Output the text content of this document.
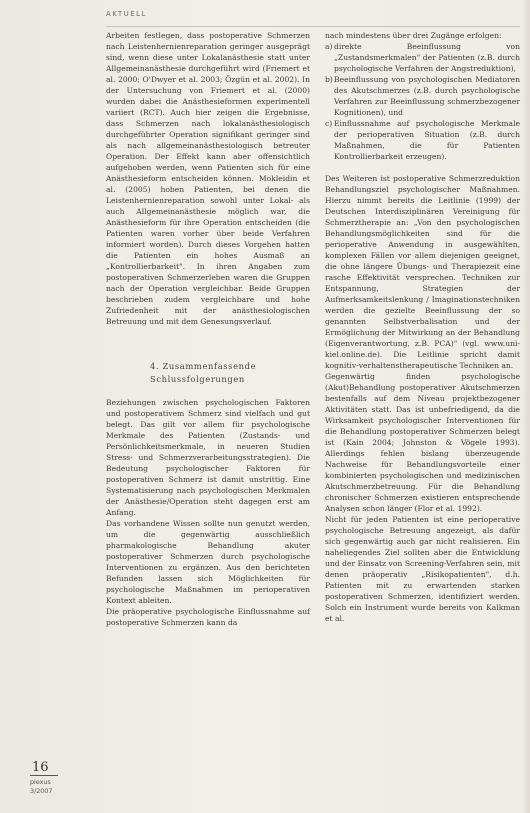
AKTUELL

Arbeiten festlegen, dass postoperative Schmerzen nach Leistenhernienreparation geringer ausgeprägt sind, wenn diese unter Lokalanästhesie statt unter Allgemeinanästhesie durchgeführt wird (Friemert et al. 2000; O'Dwyer et al. 2003; Özgün et al. 2002). In der Untersuchung von Friemert et al. (2000) wurden dabei die Anästhesieformen experimentell variiert (RCT). Auch hier zeigen die Ergebnisse, dass Schmerzen nach lokalanästhesiologisch durchgeführter Operation signifikant geringer sind als nach allgemeinanästhesiologisch betreuter Operation. Der Effekt kann aber offensichtlich aufgehoben werden, wenn Patienten sich für eine Anästhesieform entscheiden können. Mokleidin et al. (2005) hoben Patienten, bei denen die Leistenhernienreparation sowohl unter Lokal- als auch Allgemeinanästhesie möglich war, die Anästhesieform für ihre Operation entscheiden (die Patienten waren vorher über beide Verfahren informiert worden). Durch dieses Vorgehen hatten die Patienten ein hohes Ausmaß an „Kontrollierbarkeit". In ihren Angaben zum postoperativen Schmerzerleben waren die Gruppen nach der Operation vergleichbar. Beide Gruppen beschrieben zudem vergleichbare und hohe Zufriedenheit mit der anästhesiologischen Betreuung und mit dem Genesungsverlauf.

4. Zusammenfassende
Schlussfolgerungen

Beziehungen zwischen psychologischen Faktoren und postoperativem Schmerz sind vielfach und gut belegt. Das gilt vor allem für psychologische Merkmale des Patienten (Zustands- und Persönlichkeitsmerkmale, in neueren Studien Stress- und Schmerzverarbeitungsstrategien). Die Bedeutung psychologischer Faktoren für postoperativen Schmerz ist damit unstrittig. Eine Systematisierung nach psychologischen Merkmalen der Anästhesie/Operation steht dagegen erst am Anfang.

Das vorhandene Wissen sollte nun genutzt werden, um die gegenwärtig ausschließlich pharmakologische Behandlung akuter postoperativer Schmerzen durch psychologische Interventionen zu ergänzen. Aus den berichteten Befunden lassen sich Möglichkeiten für psychologische Maßnahmen im perioperativen Kontext ableiten.

Die präoperative psychologische Einflussnahme auf postoperative Schmerzen kann da

nach mindestens über drei Zugänge erfolgen:

a) direkte Beeinflussung von „Zustandsmerkmalen" der Patienten (z.B. durch psychologische Verfahren der Angstreduktion),
b) Beeinflussung von psychologischen Mediatoren des Akutschmerzes (z.B. durch psychologische Verfahren zur Beeinflussung schmerzbezogener Kognitionen), und
c) Einflussnahme auf psychologische Merkmale der perioperativen Situation (z.B. durch Maßnahmen, die für Patienten Kontrollierbarkeit erzeugen).

Des Weiteren ist postoperative Schmerzreduktion Behandlungsziel psychologischer Maßnahmen. Hierzu nimmt bereits die Leitlinie (1999) der Deutschen Interdisziplinären Vereinigung für Schmerztherapie an: „Von den psychologischen Behandlungsmöglichkeiten sind für die perioperative Anwendung in ausgewählten, komplexen Fällen vor allem diejenigen geeignet, die ohne längere Übungs- und Therapiezeit eine rasche Effektivität versprechen. Techniken zur Entspannung, Strategien der Aufmerksamkeitslenkung / Imaginationstechniken werden die gezielte Beeinflussung der so genannten Selbstverbalisation und der Ermöglichung der Mitwirkung an der Behandlung (Eigenverantwortung, z.B. PCA)" (vgl. www.uni-kiel.online.de). Die Leitlinie spricht damit kognitiv-verhaltenstherapeutische Techniken an.

Gegenwärtig finden psychologische (Akut)Behandlung postoperativer Akutschmerzen bestenfalls auf dem Niveau projektbezogener Aktivitäten statt. Das ist unbefriedigend, da die Wirksamkeit psychologischer Interventionen für die Behandlung postoperativer Schmerzen belegt ist (Kain 2004; Johnston & Vögele 1993). Allerdings fehlen bislang überzeugende Nachweise für Behandlungsvorteile einer kombinierten psychologischen und medizinischen Akutschmerzbetreuung. Für die Behandlung chronischer Schmerzen existieren entsprechende Analysen schon länger (Flor et al. 1992).

Nicht für jeden Patienten ist eine perioperative psychologische Betreuung angezeigt, als dafür sich gegenwärtig auch gar nicht realisieren. Ein naheliegendes Ziel sollten aber die Entwicklung und der Einsatz von Screening-Verfahren sein, mit denen präoperativ „Risikopatienten", d.h. Patienten mit zu erwartenden starken postoperativen Schmerzen, identifiziert werden. Solch ein Instrument wurde bereits von Kalkman et al.

16
plexus
3/2007
